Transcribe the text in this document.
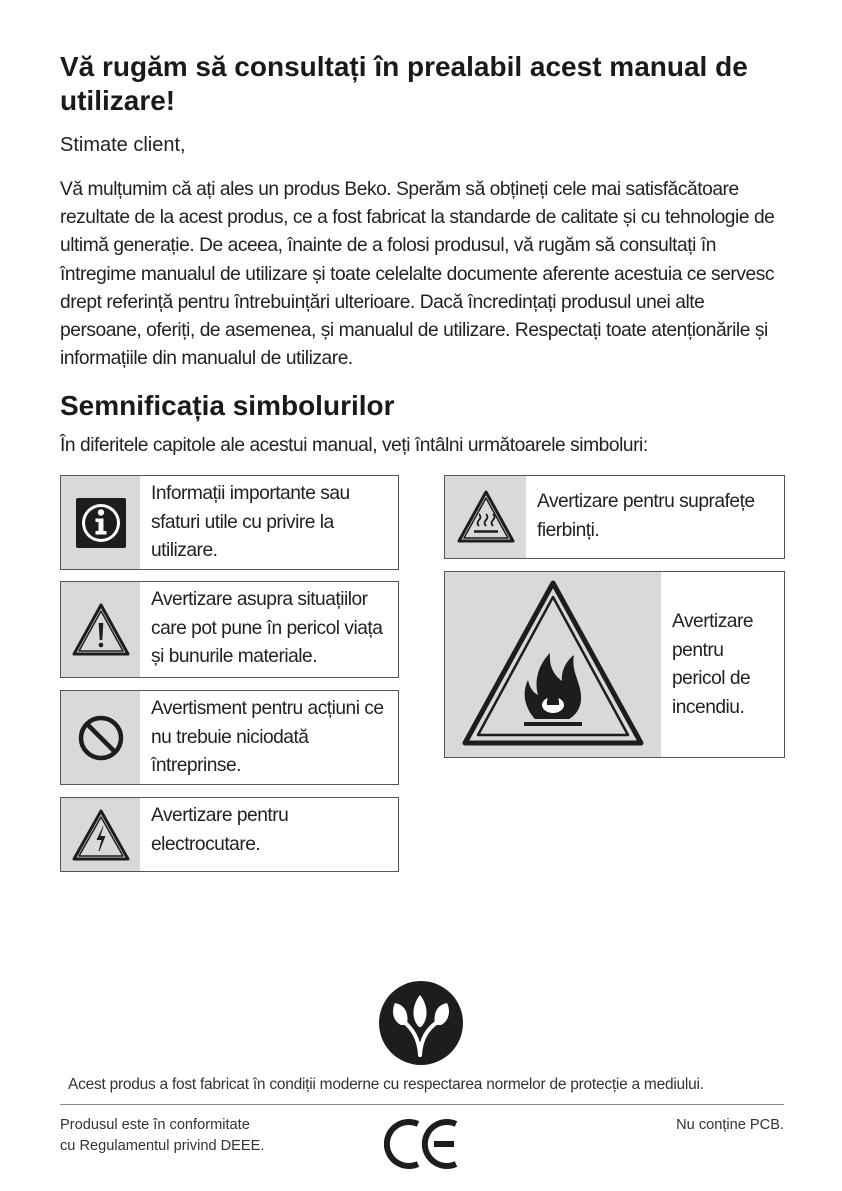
Vă rugăm să consultați în prealabil acest manual de utilizare!
Stimate client,
Vă mulțumim că ați ales un produs Beko. Sperăm să obțineți cele mai satisfăcătoare rezultate de la acest produs, ce a fost fabricat la standarde de calitate și cu tehnologie de ultimă generație. De aceea, înainte de a folosi produsul, vă rugăm să consultați în întregime manualul de utilizare și toate celelalte documente aferente acestuia ce servesc drept referință pentru întrebuințări ulterioare. Dacă încredințați produsul unei alte persoane, oferiți, de asemenea, și manualul de utilizare. Respectați toate atenționările și informațiile din manualul de utilizare.
Semnificația simbolurilor
În diferitele capitole ale acestui manual, veți întâlni următoarele simboluri:
Informații importante sau sfaturi utile cu privire la utilizare.
Avertizare asupra situațiilor care pot pune în pericol viața și bunurile materiale.
Avertisment pentru acțiuni ce nu trebuie niciodată întreprinse.
Avertizare pentru electrocutare.
Avertizare pentru suprafețe fierbinți.
Avertizare pentru pericol de incendiu.
Acest produs a fost fabricat în condiții moderne cu respectarea normelor de protecție a mediului.
Produsul este în conformitate
cu Regulamentul privind DEEE.
Nu conține PCB.
